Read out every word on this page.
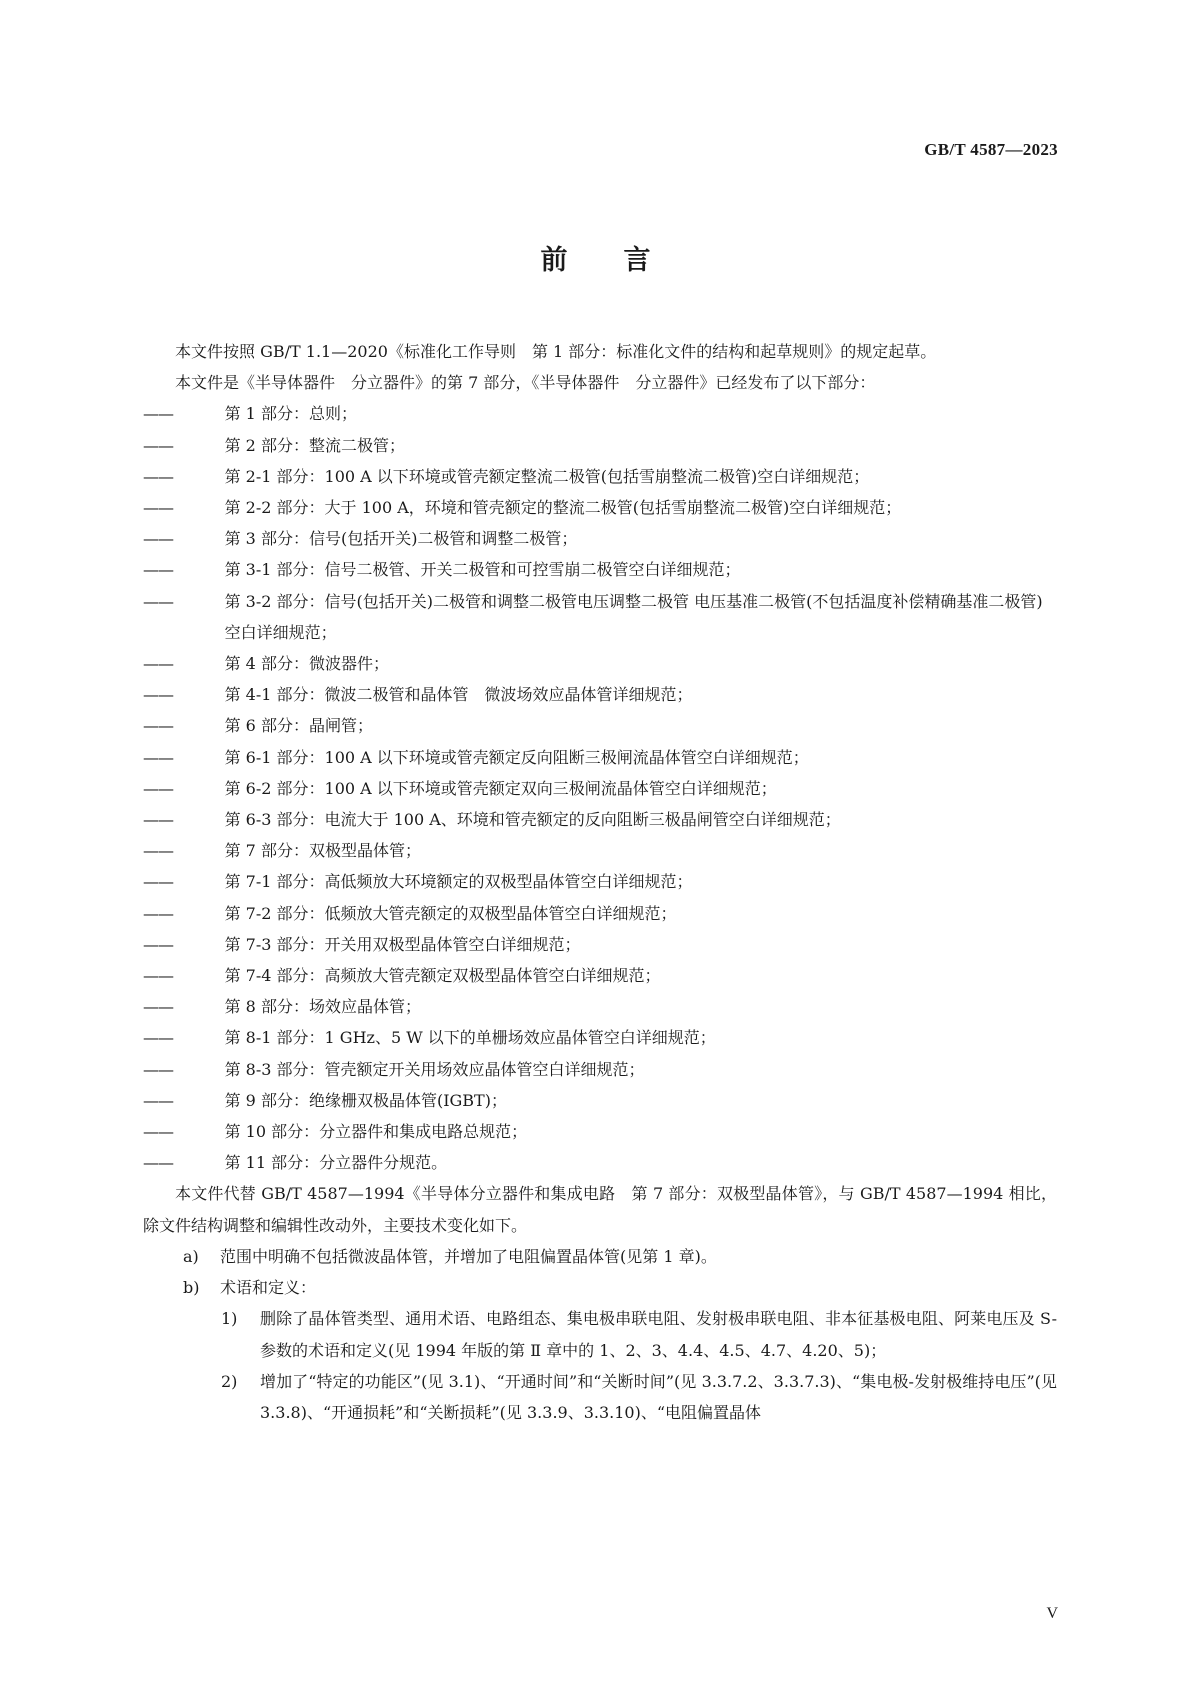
GB/T 4587—2023
前言

本文件按照 GB/T 1.1—2020《标准化工作导则　第 1 部分：标准化文件的结构和起草规则》的规定起草。

本文件是《半导体器件　分立器件》的第 7 部分，《半导体器件　分立器件》已经发布了以下部分：

——	第 1 部分：总则；

——	第 2 部分：整流二极管；

——	第 2-1 部分：100 A 以下环境或管壳额定整流二极管(包括雪崩整流二极管)空白详细规范；

——	第 2-2 部分：大于 100 A，环境和管壳额定的整流二极管(包括雪崩整流二极管)空白详细规范；

——	第 3 部分：信号(包括开关)二极管和调整二极管；

——	第 3-1 部分：信号二极管、开关二极管和可控雪崩二极管空白详细规范；

——	第 3-2 部分：信号(包括开关)二极管和调整二极管电压调整二极管 电压基准二极管(不包括温度补偿精确基准二极管)空白详细规范；

——	第 4 部分：微波器件；

——	第 4-1 部分：微波二极管和晶体管　微波场效应晶体管详细规范；

——	第 6 部分：晶闸管；

——	第 6-1 部分：100 A 以下环境或管壳额定反向阻断三极闸流晶体管空白详细规范；

——	第 6-2 部分：100 A 以下环境或管壳额定双向三极闸流晶体管空白详细规范；

——	第 6-3 部分：电流大于 100 A、环境和管壳额定的反向阻断三极晶闸管空白详细规范；

——	第 7 部分：双极型晶体管；

——	第 7-1 部分：高低频放大环境额定的双极型晶体管空白详细规范；

——	第 7-2 部分：低频放大管壳额定的双极型晶体管空白详细规范；

——	第 7-3 部分：开关用双极型晶体管空白详细规范；

——	第 7-4 部分：高频放大管壳额定双极型晶体管空白详细规范；

——	第 8 部分：场效应晶体管；

——	第 8-1 部分：1 GHz、5 W 以下的单栅场效应晶体管空白详细规范；

——	第 8-3 部分：管壳额定开关用场效应晶体管空白详细规范；

——	第 9 部分：绝缘栅双极晶体管(IGBT)；

——	第 10 部分：分立器件和集成电路总规范；

——	第 11 部分：分立器件分规范。

本文件代替 GB/T 4587—1994《半导体分立器件和集成电路　第 7 部分：双极型晶体管》，与 GB/T 4587—1994 相比，除文件结构调整和编辑性改动外，主要技术变化如下。

a) 范围中明确不包括微波晶体管，并增加了电阻偏置晶体管(见第 1 章)。

b) 术语和定义：

1) 删除了晶体管类型、通用术语、电路组态、集电极串联电阻、发射极串联电阻、非本征基极电阻、阿莱电压及 S-参数的术语和定义(见 1994 年版的第 Ⅱ 章中的 1、2、3、4.4、4.5、4.7、4.20、5)；

2) 增加了“特定的功能区”(见 3.1)、“开通时间”和“关断时间”(见 3.3.7.2、3.3.7.3)、“集电极-发射极维持电压”(见 3.3.8)、“开通损耗”和“关断损耗”(见 3.3.9、3.3.10)、“电阻偏置晶体

V
